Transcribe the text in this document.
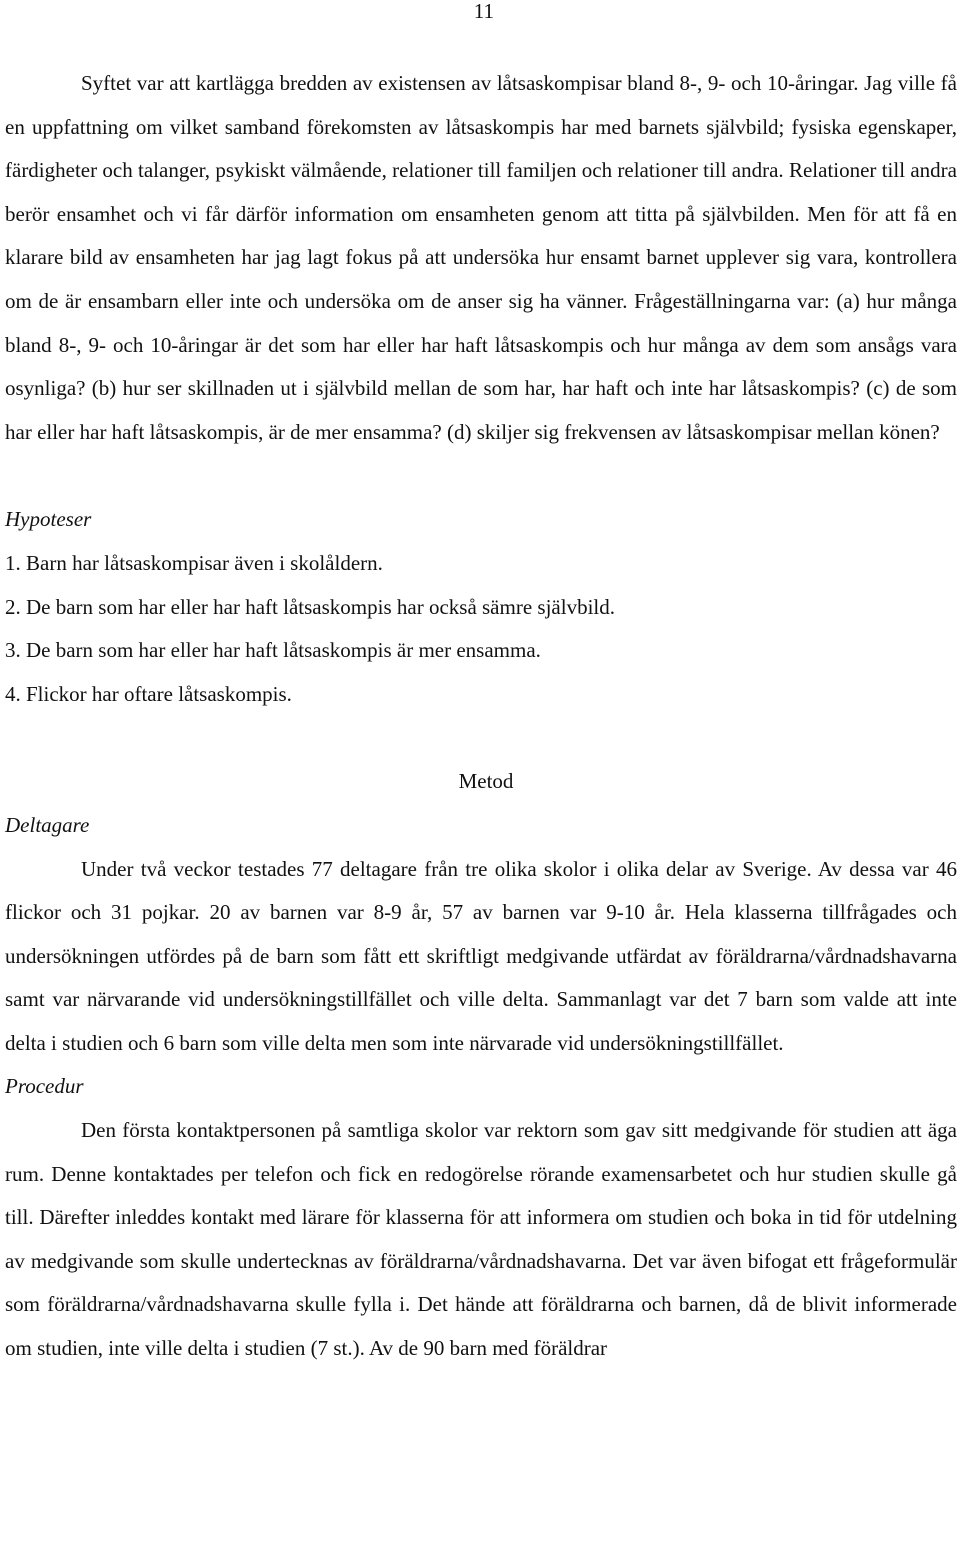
11

Syftet var att kartlägga bredden av existensen av låtsaskompisar bland 8-, 9- och 10-åringar. Jag ville få en uppfattning om vilket samband förekomsten av låtsaskompis har med barnets självbild; fysiska egenskaper, färdigheter och talanger, psykiskt välmående, relationer till familjen och relationer till andra. Relationer till andra berör ensamhet och vi får därför information om ensamheten genom att titta på självbilden. Men för att få en klarare bild av ensamheten har jag lagt fokus på att undersöka hur ensamt barnet upplever sig vara, kontrollera om de är ensambarn eller inte och undersöka om de anser sig ha vänner. Frågeställningarna var: (a) hur många bland 8-, 9- och 10-åringar är det som har eller har haft låtsaskompis och hur många av dem som ansågs vara osynliga? (b) hur ser skillnaden ut i självbild mellan de som har, har haft och inte har låtsaskompis? (c) de som har eller har haft låtsaskompis, är de mer ensamma? (d) skiljer sig frekvensen av låtsaskompisar mellan könen?

Hypoteser

1. Barn har låtsaskompisar även i skolåldern.
2. De barn som har eller har haft låtsaskompis har också sämre självbild.
3. De barn som har eller har haft låtsaskompis är mer ensamma.
4. Flickor har oftare låtsaskompis.

Metod

Deltagare

Under två veckor testades 77 deltagare från tre olika skolor i olika delar av Sverige. Av dessa var 46 flickor och 31 pojkar. 20 av barnen var 8-9 år, 57 av barnen var 9-10 år. Hela klasserna tillfrågades och undersökningen utfördes på de barn som fått ett skriftligt medgivande utfärdat av föräldrarna/vårdnadshavarna samt var närvarande vid undersökningstillfället och ville delta. Sammanlagt var det 7 barn som valde att inte delta i studien och 6 barn som ville delta men som inte närvarade vid undersökningstillfället.

Procedur

Den första kontaktpersonen på samtliga skolor var rektorn som gav sitt medgivande för studien att äga rum. Denne kontaktades per telefon och fick en redogörelse rörande examensarbetet och hur studien skulle gå till. Därefter inleddes kontakt med lärare för klasserna för att informera om studien och boka in tid för utdelning av medgivande som skulle undertecknas av föräldrarna/vårdnadshavarna. Det var även bifogat ett frågeformulär som föräldrarna/vårdnadshavarna skulle fylla i. Det hände att föräldrarna och barnen, då de blivit informerade om studien, inte ville delta i studien (7 st.). Av de 90 barn med föräldrar
